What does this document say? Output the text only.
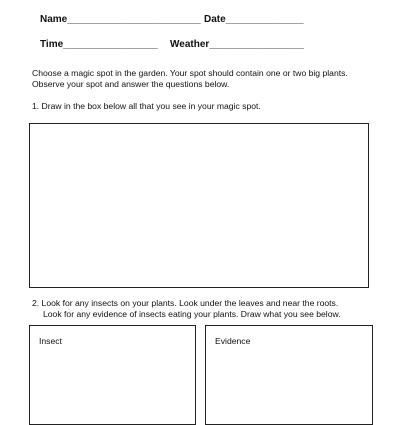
Name________________________ Date______________
Time_________________ Weather_________________
Choose a magic spot in the garden. Your spot should contain one or two big plants.
Observe your spot and answer the questions below.
1. Draw in the box below all that you see in your magic spot.
2. Look for any insects on your plants. Look under the leaves and near the roots.
Look for any evidence of insects eating your plants. Draw what you see below.
Insect	Evidence
